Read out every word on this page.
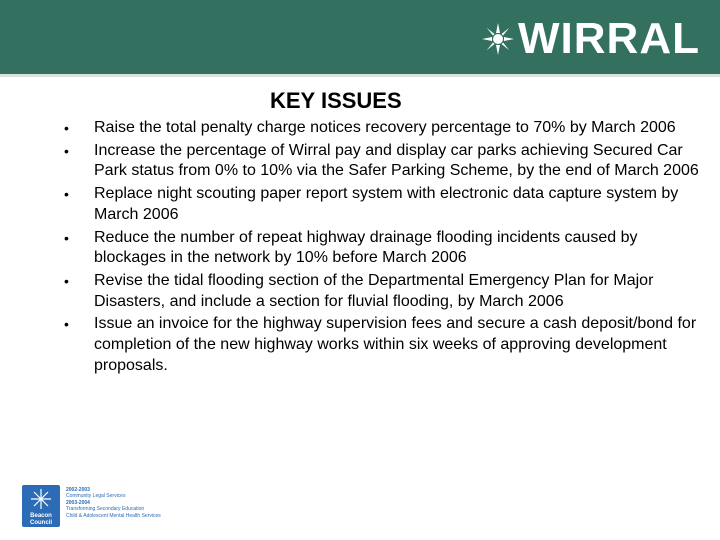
WIRRAL
KEY ISSUES
• Raise the total penalty charge notices recovery percentage to 70% by March 2006
• Increase the percentage of Wirral pay and display car parks achieving Secured Car Park status from 0% to 10% via the Safer Parking Scheme, by the end of March 2006
• Replace night scouting paper report system with electronic data capture system by March 2006
• Reduce the number of repeat highway drainage flooding incidents caused by blockages in the network by 10% before March 2006
• Revise the tidal flooding section of the Departmental Emergency Plan for Major Disasters, and include a section for fluvial flooding, by March 2006
• Issue an invoice for the highway supervision fees and secure a cash deposit/bond for completion of the new highway works within six weeks of approving development proposals.
Beacon Council
2002-2003
Community Legal Services
2003-2004
Transforming Secondary Education
Child & Adolescent Mental Health Services
